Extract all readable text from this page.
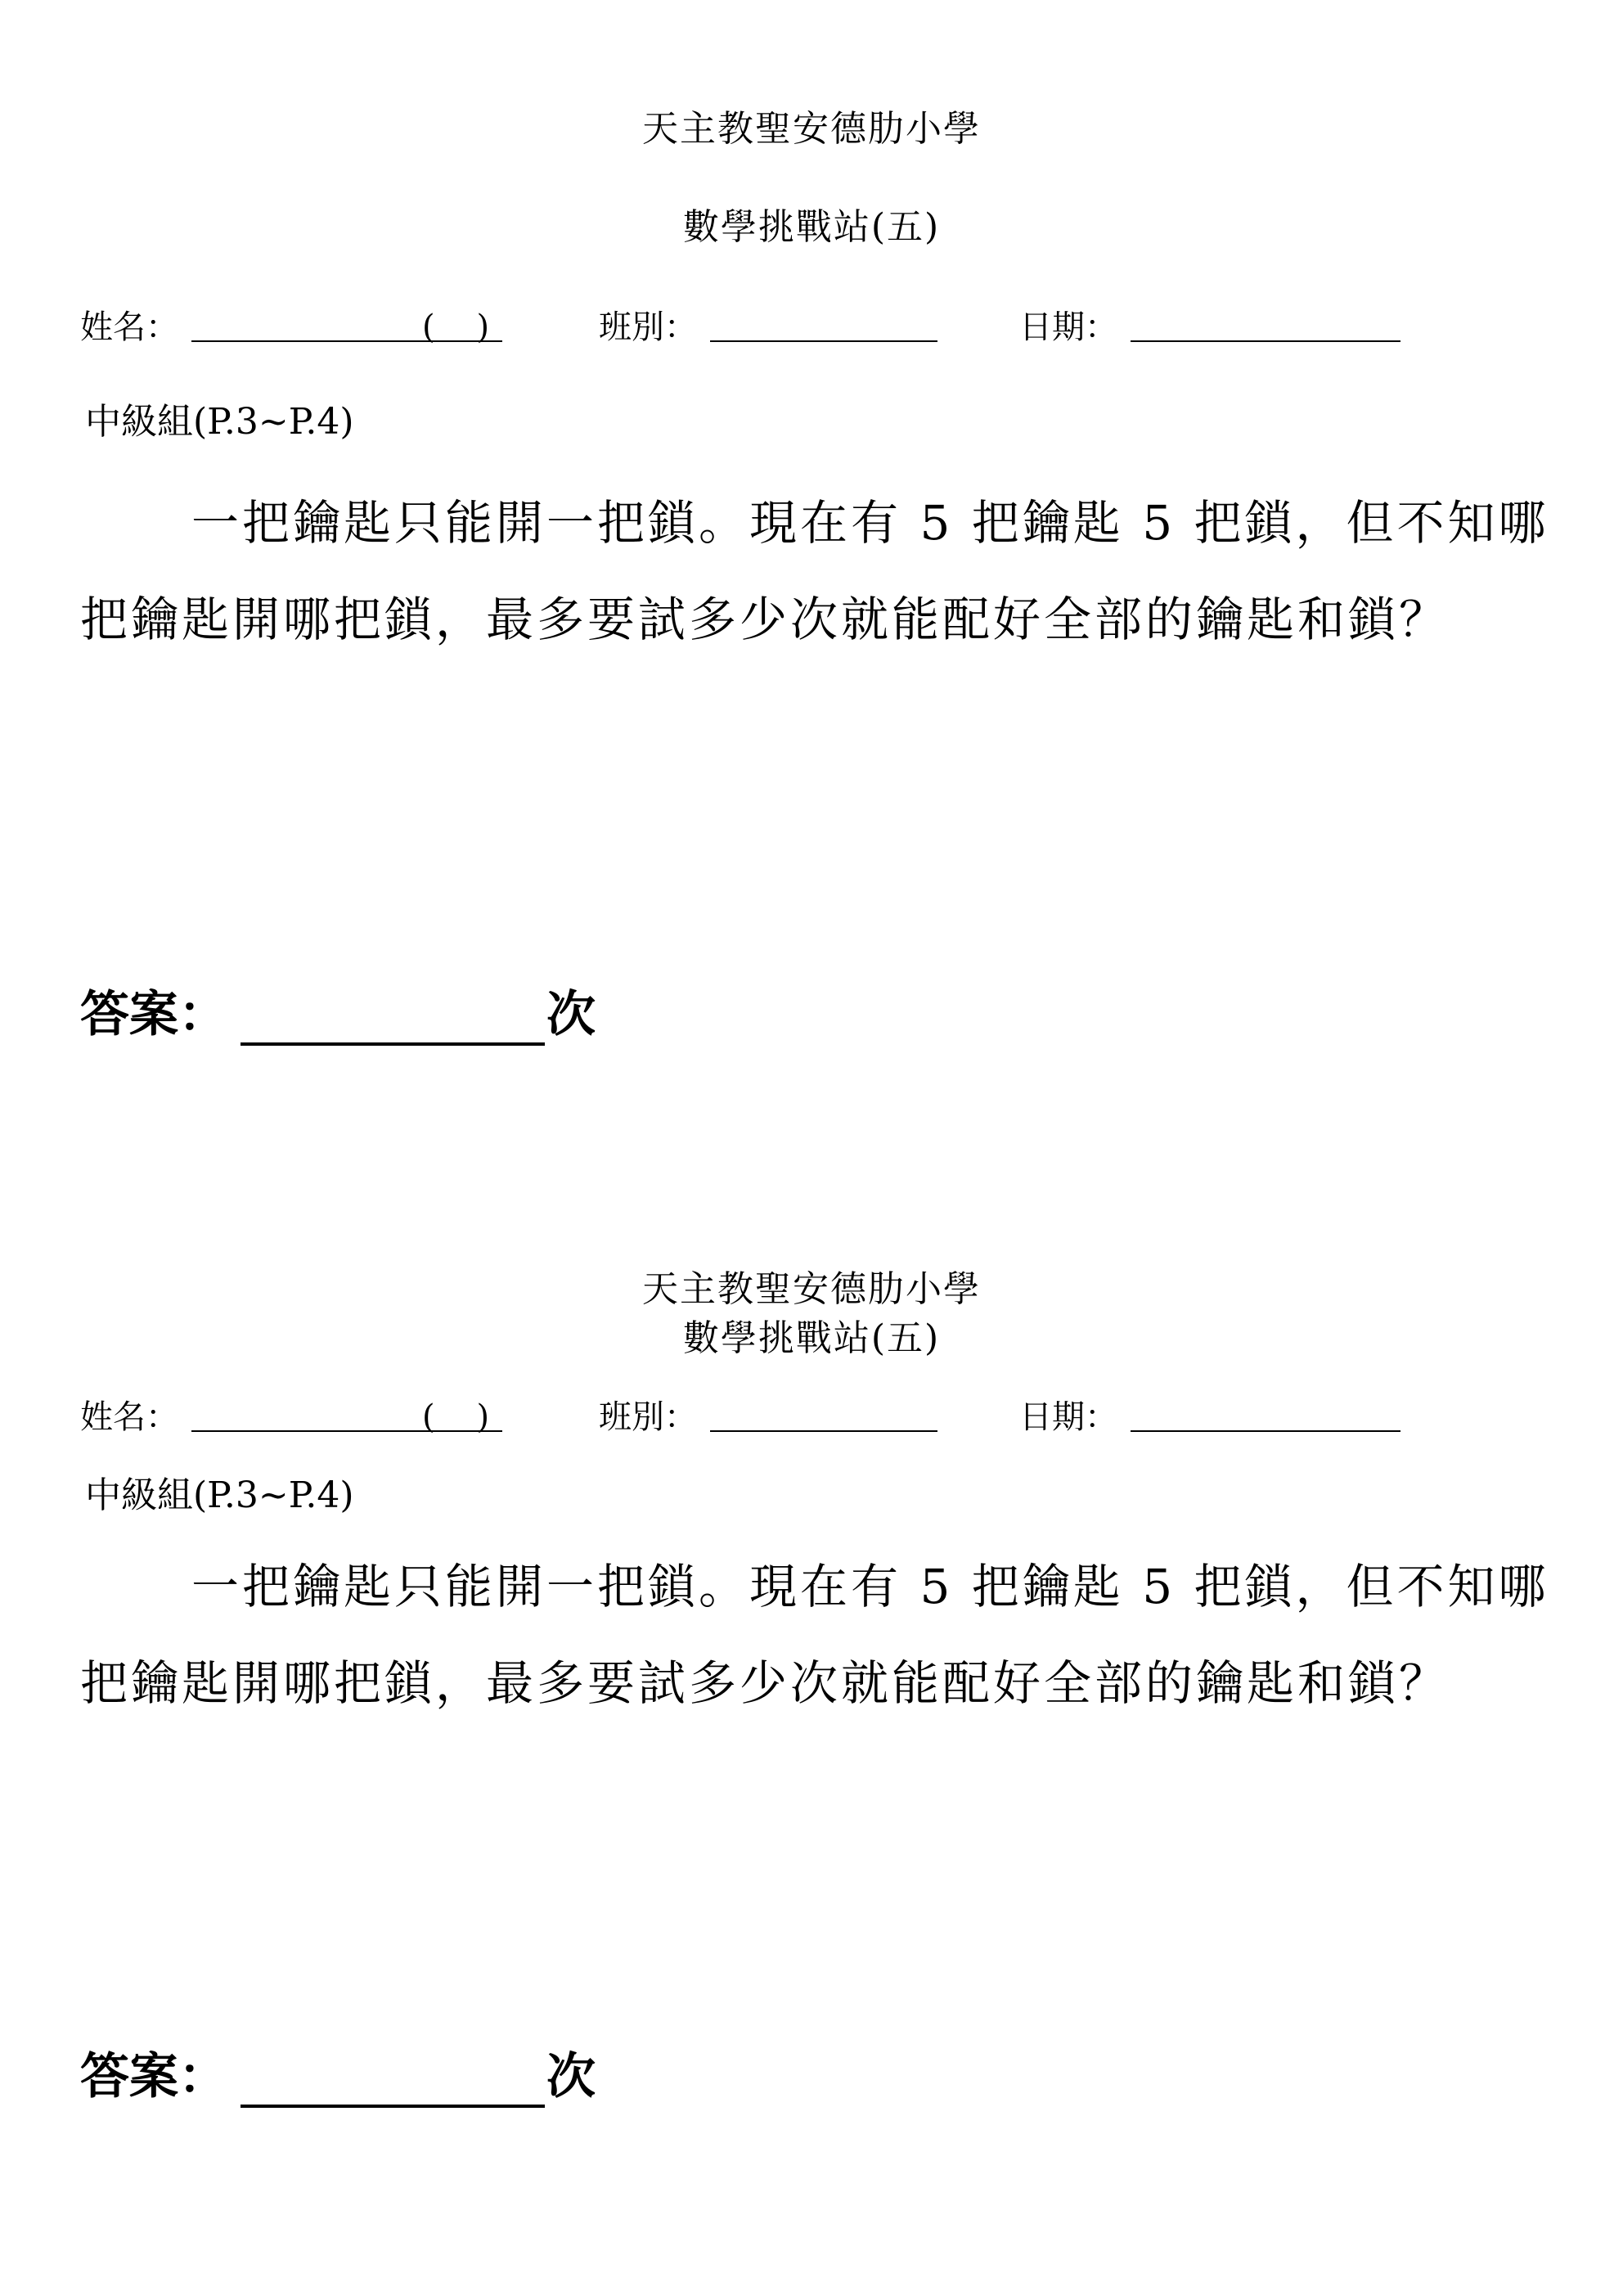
天主教聖安德肋小學
數學挑戰站(五)
姓名：	(    )	班別：	日期：
中級組(P.3~P.4)

一把鑰匙只能開一把鎖。現在有 5 把鑰匙 5 把鎖，但不知哪把鑰匙開哪把鎖，最多要試多少次就能配好全部的鑰匙和鎖？

答案：	次
天主教聖安德肋小學
數學挑戰站(五)
姓名：	(    )	班別：	日期：
中級組(P.3~P.4)

一把鑰匙只能開一把鎖。現在有 5 把鑰匙 5 把鎖，但不知哪把鑰匙開哪把鎖，最多要試多少次就能配好全部的鑰匙和鎖？

答案：	次
